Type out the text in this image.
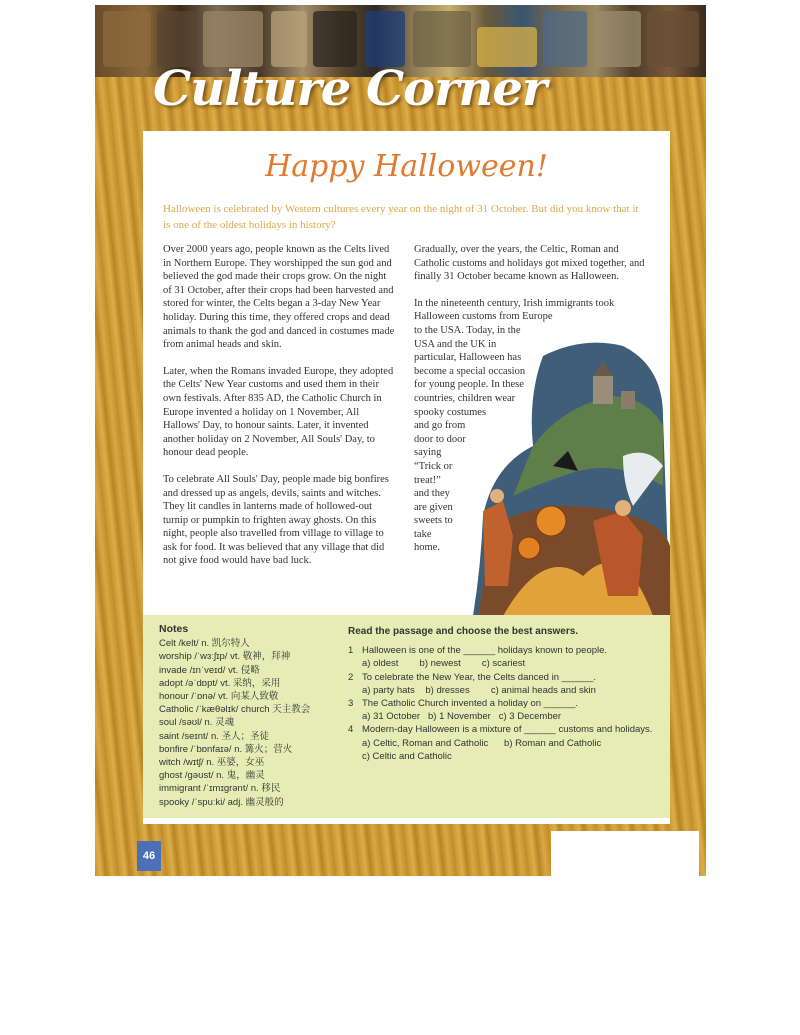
Culture Corner
Happy Halloween!
Halloween is celebrated by Western cultures every year on the night of 31 October. But did you know that it is one of the oldest holidays in history?

Over 2000 years ago, people known as the Celts lived in Northern Europe. They worshipped the sun god and believed the god made their crops grow. On the night of 31 October, after their crops had been harvested and stored for winter, the Celts began a 3-day New Year holiday. During this time, they offered crops and dead animals to thank the god and danced in costumes made from animal heads and skin.

Later, when the Romans invaded Europe, they adopted the Celts' New Year customs and used them in their own festivals. After 835 AD, the Catholic Church in Europe invented a holiday on 1 November, All Hallows' Day, to honour saints. Later, it invented another holiday on 2 November, All Souls' Day, to honour dead people.

To celebrate All Souls' Day, people made big bonfires and dressed up as angels, devils, saints and witches. They lit candles in lanterns made of hollowed-out turnip or pumpkin to frighten away ghosts. On this night, people also travelled from village to village to ask for food. It was believed that any village that did not give food would have bad luck.

Gradually, over the years, the Celtic, Roman and Catholic customs and holidays got mixed together, and finally 31 October became known as Halloween.

In the nineteenth century, Irish immigrants took
Halloween customs from Europe
to the USA. Today, in the
USA and the UK in
particular, Halloween has
become a special occasion
for young people. In these
countries, children wear
spooky costumes
and go from
door to door
saying
“Trick or
treat!”
and they
are given
sweets to
take
home.

Notes
Celt /kelt/ n. 凯尔特人
worship /ˈwɜːʃɪp/ vt. 敬神，拜神
invade /ɪnˈveɪd/ vt. 侵略
adopt /əˈdɒpt/ vt. 采纳，采用
honour /ˈɒnə/ vt. 向某人致敬
Catholic /ˈkæθəlɪk/ church 天主教会
soul /səʊl/ n. 灵魂
saint /seɪnt/ n. 圣人；圣徒
bonfire /ˈbɒnfaɪə/ n. 篝火；营火
witch /wɪtʃ/ n. 巫婆，女巫
ghost /gəʊst/ n. 鬼，幽灵
immigrant /ˈɪmɪgrənt/ n. 移民
spooky /ˈspuːki/ adj. 幽灵般的
Read the passage and choose the best answers.
1 Halloween is one of the ______ holidays known to people.
a) oldest        b) newest        c) scariest
2 To celebrate the New Year, the Celts danced in ______.
a) party hats    b) dresses        c) animal heads and skin
3 The Catholic Church invented a holiday on ______.
a) 31 October   b) 1 November   c) 3 December
4 Modern-day Halloween is a mixture of ______ customs and holidays.
a) Celtic, Roman and Catholic      b) Roman and Catholic
c) Celtic and Catholic
46
